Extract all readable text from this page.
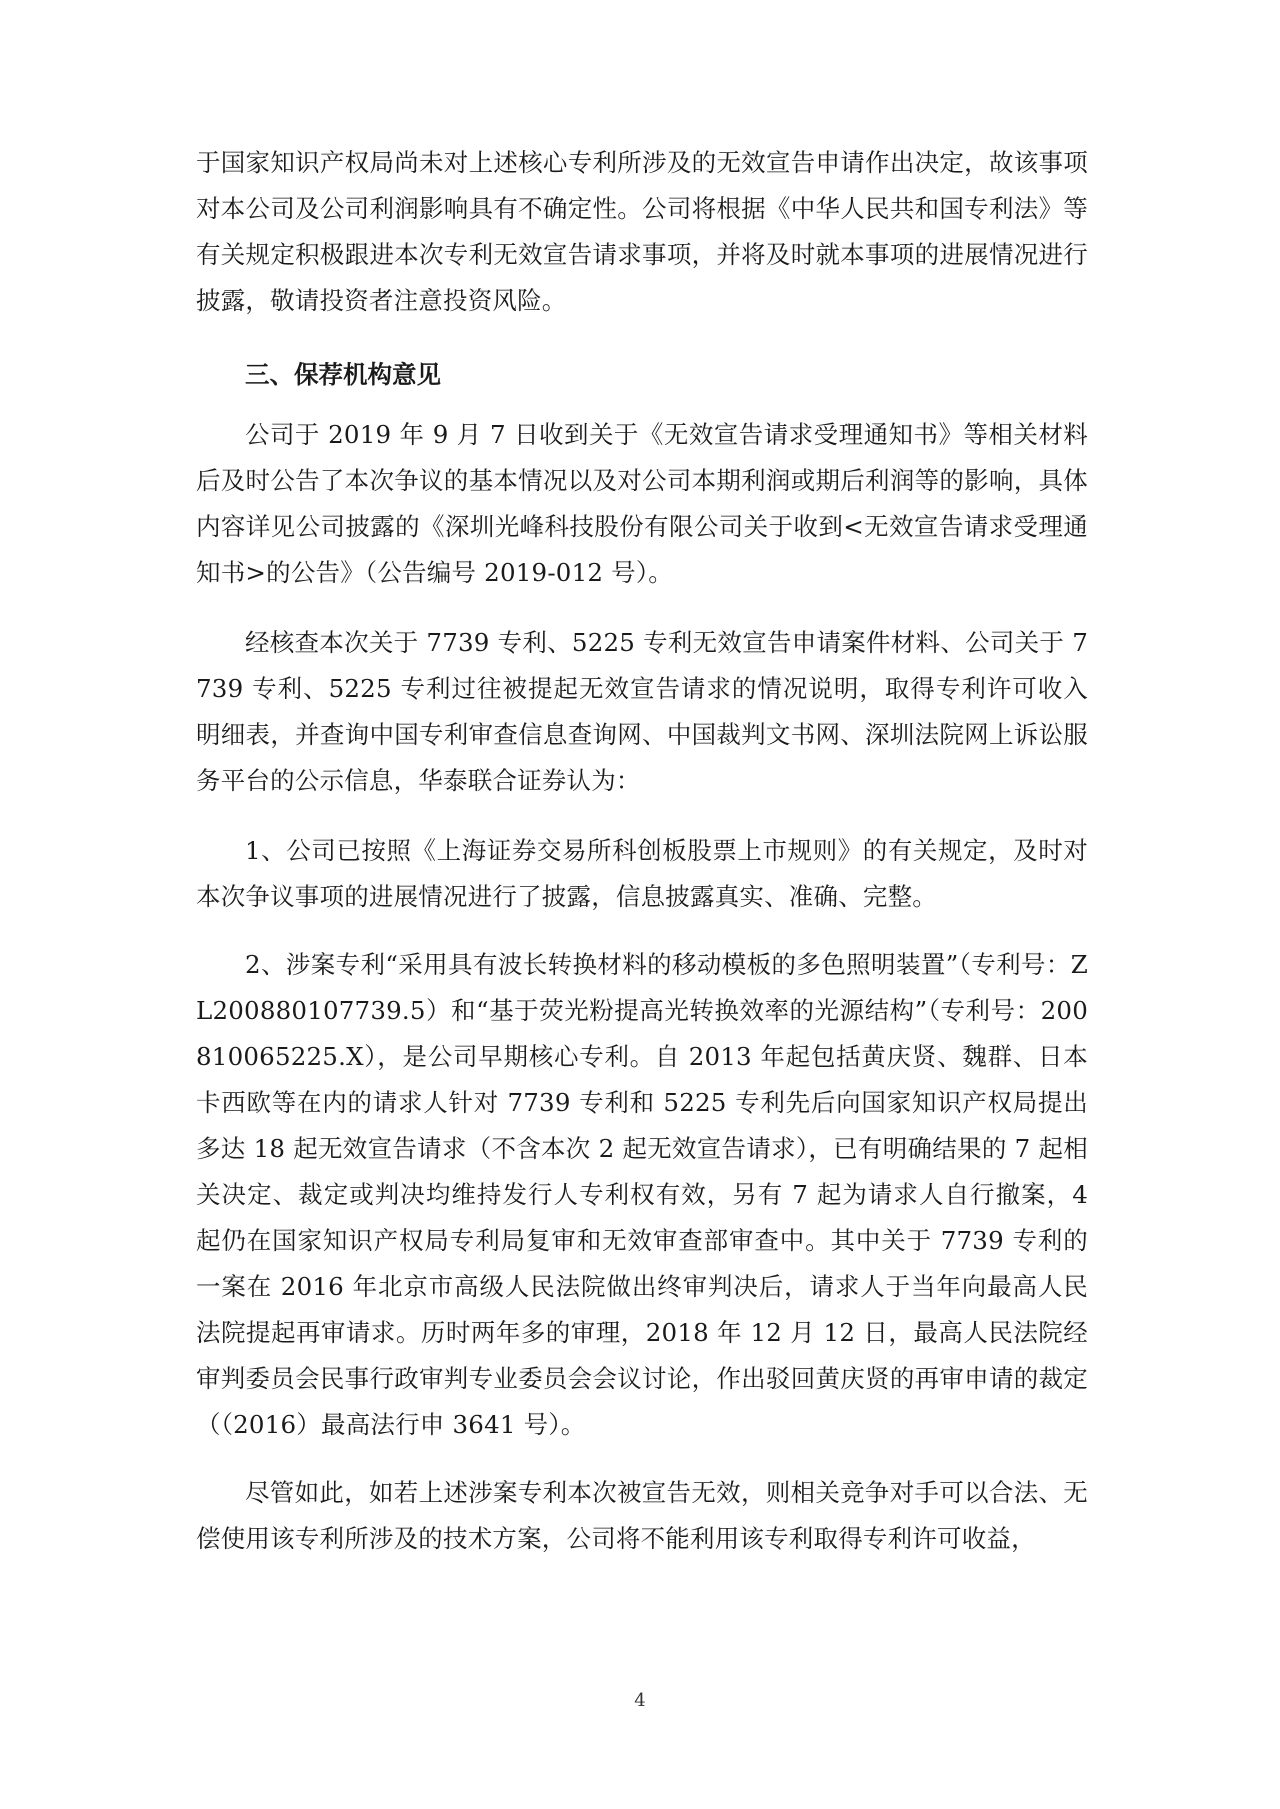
于国家知识产权局尚未对上述核心专利所涉及的无效宣告申请作出决定，故该事项对本公司及公司利润影响具有不确定性。公司将根据《中华人民共和国专利法》等有关规定积极跟进本次专利无效宣告请求事项，并将及时就本事项的进展情况进行披露，敬请投资者注意投资风险。

三、保荐机构意见

公司于 2019 年 9 月 7 日收到关于《无效宣告请求受理通知书》等相关材料后及时公告了本次争议的基本情况以及对公司本期利润或期后利润等的影响，具体内容详见公司披露的《深圳光峰科技股份有限公司关于收到<无效宣告请求受理通知书>的公告》（公告编号 2019-012 号）。

经核查本次关于 7739 专利、5225 专利无效宣告申请案件材料、公司关于 7739 专利、5225 专利过往被提起无效宣告请求的情况说明，取得专利许可收入明细表，并查询中国专利审查信息查询网、中国裁判文书网、深圳法院网上诉讼服务平台的公示信息，华泰联合证券认为：

1、公司已按照《上海证券交易所科创板股票上市规则》的有关规定，及时对本次争议事项的进展情况进行了披露，信息披露真实、准确、完整。

2、涉案专利“采用具有波长转换材料的移动模板的多色照明装置”（专利号：ZL200880107739.5）和“基于荧光粉提高光转换效率的光源结构”（专利号：200810065225.X），是公司早期核心专利。自 2013 年起包括黄庆贤、魏群、日本卡西欧等在内的请求人针对 7739 专利和 5225 专利先后向国家知识产权局提出多达 18 起无效宣告请求（不含本次 2 起无效宣告请求），已有明确结果的 7 起相关决定、裁定或判决均维持发行人专利权有效，另有 7 起为请求人自行撤案，4 起仍在国家知识产权局专利局复审和无效审查部审查中。其中关于 7739 专利的一案在 2016 年北京市高级人民法院做出终审判决后，请求人于当年向最高人民法院提起再审请求。历时两年多的审理，2018 年 12 月 12 日，最高人民法院经审判委员会民事行政审判专业委员会会议讨论，作出驳回黄庆贤的再审申请的裁定（（2016）最高法行申 3641 号）。

尽管如此，如若上述涉案专利本次被宣告无效，则相关竞争对手可以合法、无偿使用该专利所涉及的技术方案，公司将不能利用该专利取得专利许可收益，

4
